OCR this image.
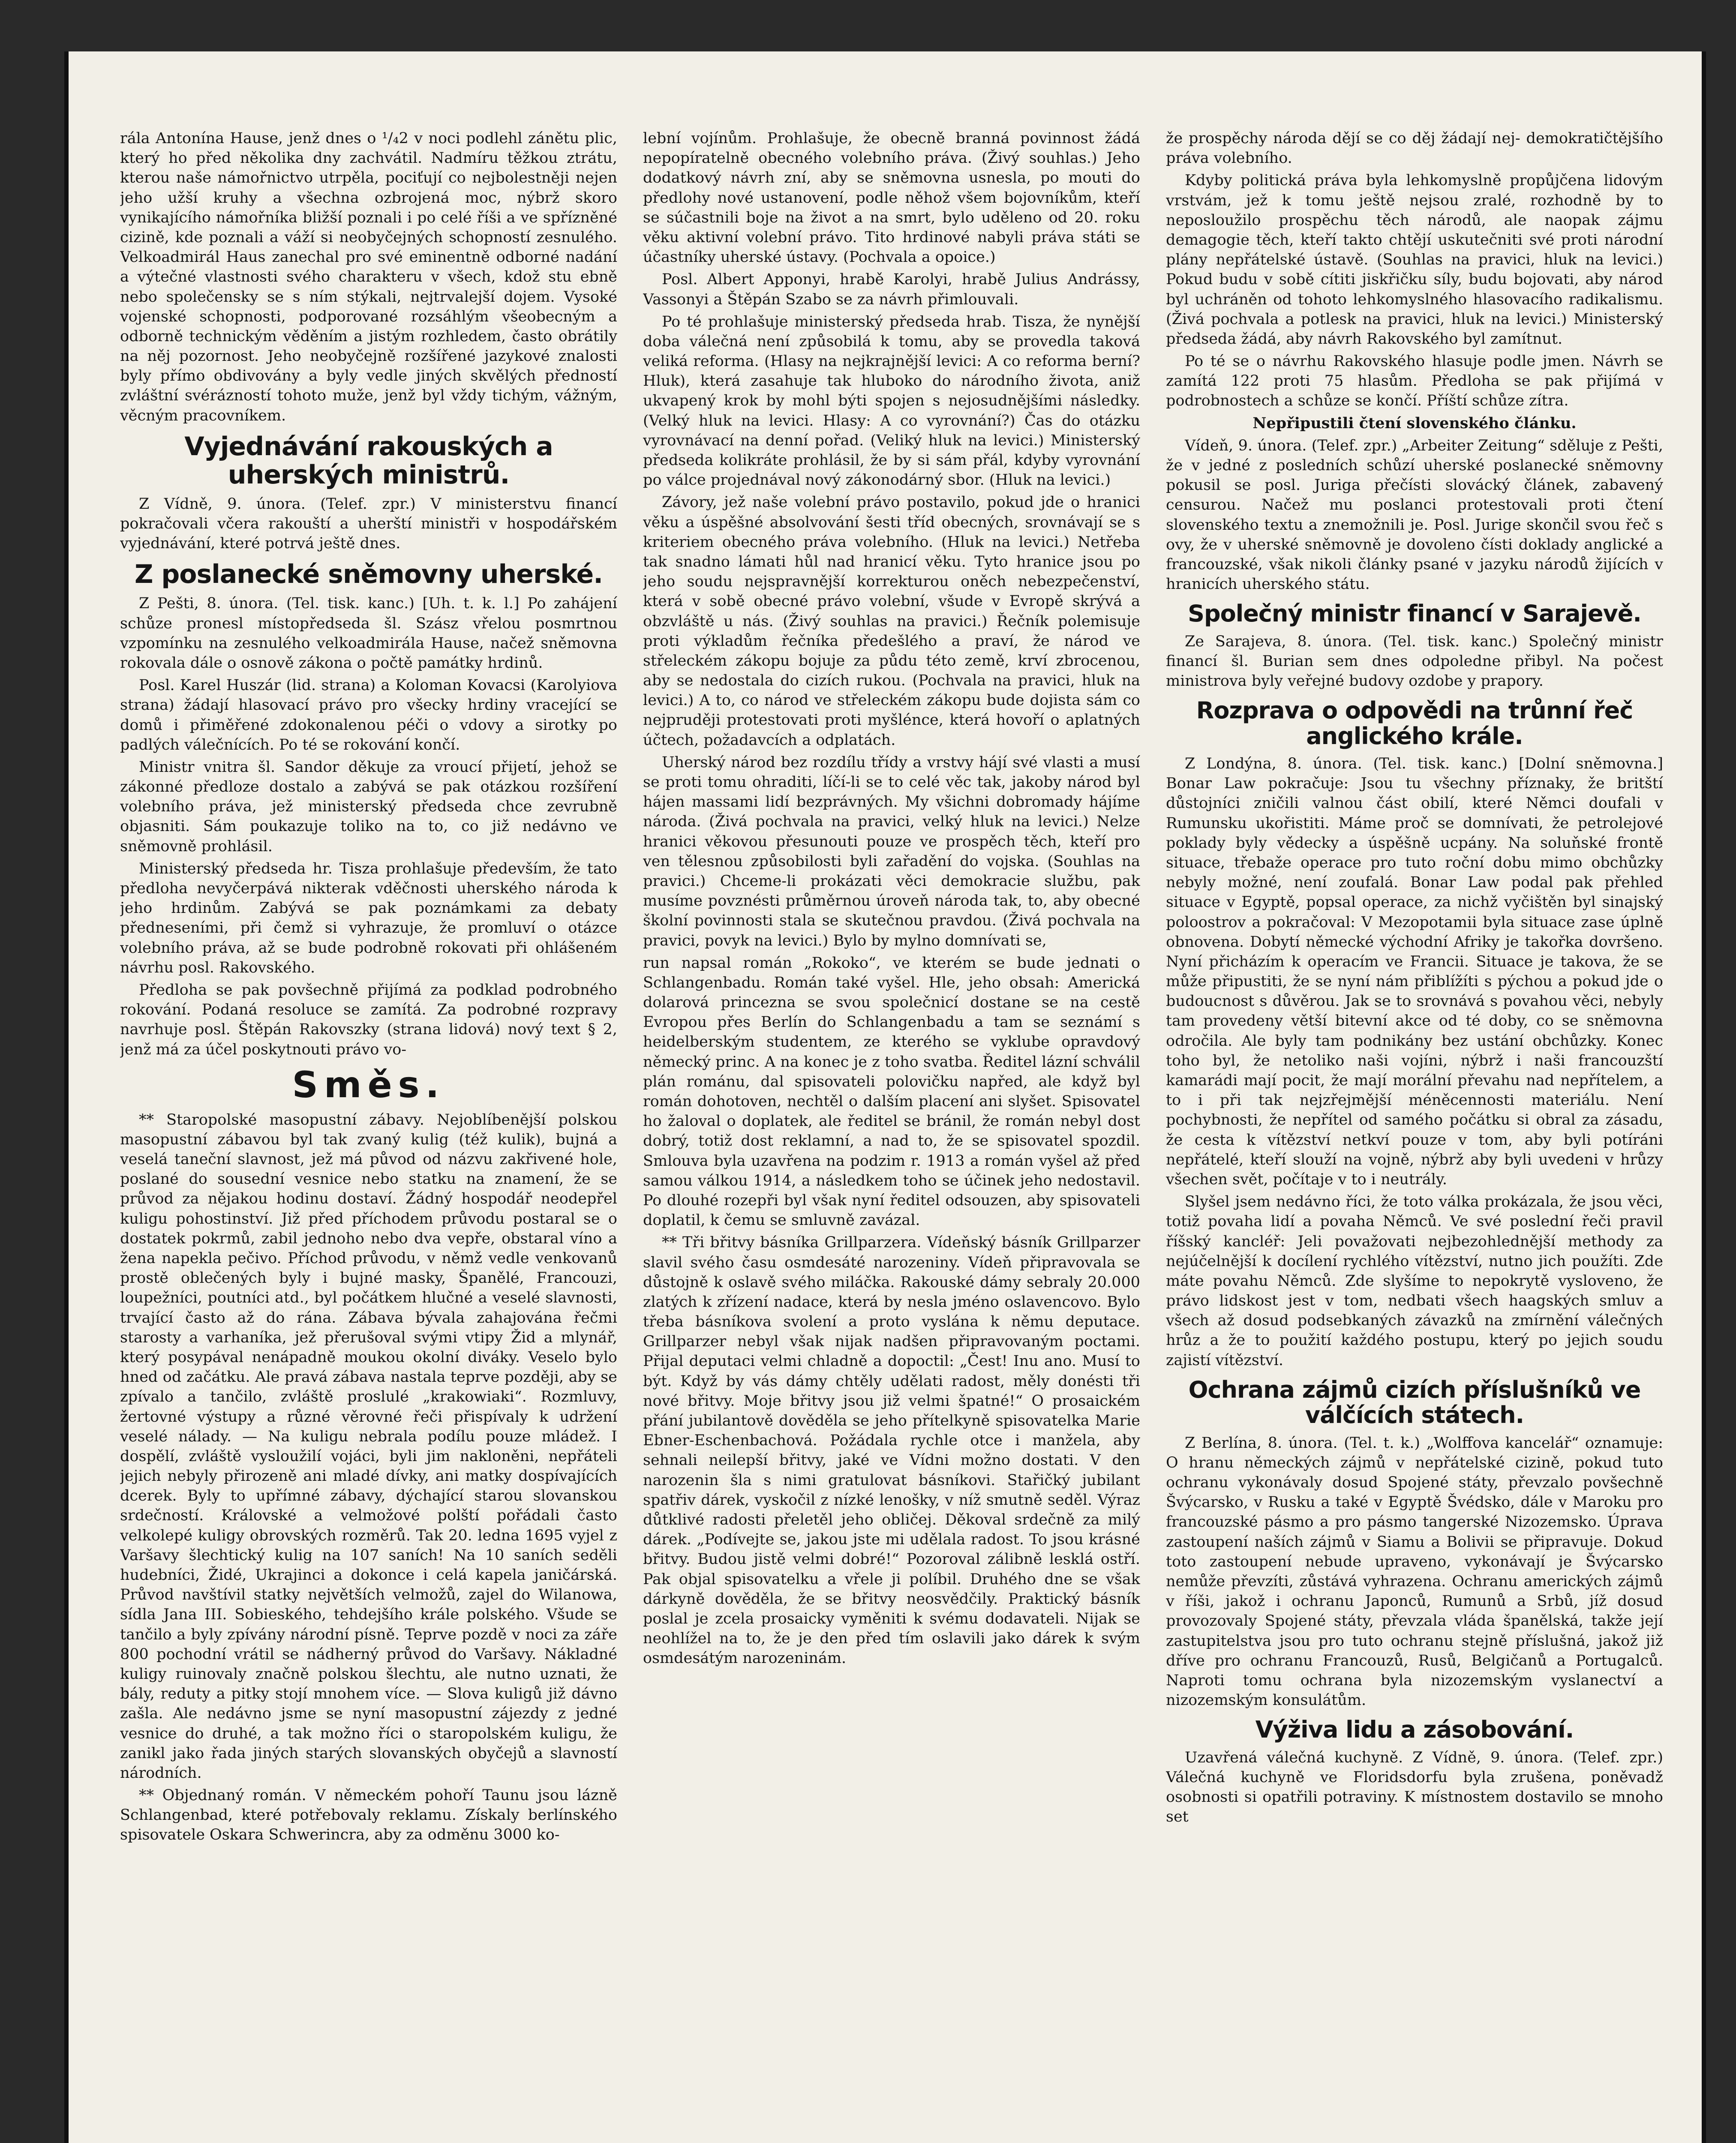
rála Antonína Hause, jenž dnes o ¹/₄2 v noci podlehl zánětu plic, který ho před několika dny zachvátil. Nadmíru těžkou ztrátu, kterou naše námořnictvo utrpěla, pociťují co nejbolestněji nejen jeho užší kruhy a všechna ozbrojená moc, nýbrž skoro vynikajícího námořníka bližší poznali i po celé říši a ve spřízněné cizině, kde poznali a váží si neobyčejných schopností zesnulého. Velkoadmirál Haus zanechal pro své eminentně odborné nadání a výtečné vlastnosti svého charakteru v všech, kdož stu ebně nebo společensky se s ním stýkali, nejtrvalejší dojem. Vysoké vojenské schopnosti, podporované rozsáhlým všeobecným a odborně technickým věděním a jistým rozhledem, často obrátily na něj pozornost. Jeho neobyčejně rozšířené jazykové znalosti byly přímo obdivovány a byly vedle jiných skvělých předností zvláštní svérázností tohoto muže, jenž byl vždy tichým, vážným, věcným pracovníkem.

Vyjednávání rakouských a uherských ministrů.

Z Vídně, 9. února. (Telef. zpr.) V ministerstvu financí pokračovali včera rakouští a uherští ministři v hospodářském vyjednávání, které potrvá ještě dnes.

Z poslanecké sněmovny uherské.

Z Pešti, 8. února. (Tel. tisk. kanc.) [Uh. t. k. l.] Po zahájení schůze pronesl místopředseda šl. Szász vřelou posmrtnou vzpomínku na zesnulého velkoadmirála Hause, načež sněmovna rokovala dále o osnově zákona o počtě památky hrdinů.

Posl. Karel Huszár (lid. strana) a Koloman Kovacsi (Karolyiova strana) žádají hlasovací právo pro všecky hrdiny vracející se domů i přiměřené zdokonalenou péči o vdovy a sirotky po padlých válečnících. Po té se rokování končí.

Ministr vnitra šl. Sandor děkuje za vroucí přijetí, jehož se zákonné předloze dostalo a zabývá se pak otázkou rozšíření volebního práva, jež ministerský předseda chce zevrubně objasniti. Sám poukazuje toliko na to, co již nedávno ve sněmovně prohlásil.

Ministerský předseda hr. Tisza prohlašuje především, že tato předloha nevyčerpává nikterak vděčnosti uherského národa k jeho hrdinům. Zabývá se pak poznámkami za debaty předneseními, při čemž si vyhrazuje, že promluví o otázce volebního práva, až se bude podrobně rokovati při ohlášeném návrhu posl. Rakovského.

Předloha se pak povšechně přijímá za podklad podrobného rokování. Podaná resoluce se zamítá. Za podrobné rozpravy navrhuje posl. Štěpán Rakovszky (strana lidová) nový text § 2, jenž má za účel poskytnouti právo vo-

Směs.

** Staropolské masopustní zábavy. Nejoblíbenější polskou masopustní zábavou byl tak zvaný kulig (též kulik), bujná a veselá taneční slavnost, jež má původ od názvu zakřivené hole, poslané do sousední vesnice nebo statku na znamení, že se průvod za nějakou hodinu dostaví. Žádný hospodář neodepřel kuligu pohostinství. Již před příchodem průvodu postaral se o dostatek pokrmů, zabil jednoho nebo dva vepře, obstaral víno a žena napekla pečivo. Příchod průvodu, v němž vedle venkovanů prostě oblečených byly i bujné masky, Španělé, Francouzi, loupežníci, poutníci atd., byl počátkem hlučné a veselé slavnosti, trvající často až do rána. Zábava bývala zahajována řečmi starosty a varhaníka, jež přerušoval svými vtipy Žid a mlynář, který posypával nenápadně moukou okolní diváky. Veselo bylo hned od začátku. Ale pravá zábava nastala teprve později, aby se zpívalo a tančilo, zvláště proslulé „krakowiaki“. Rozmluvy, žertovné výstupy a různé věrovné řeči přispívaly k udržení veselé nálady. — Na kuligu nebrala podílu pouze mládež. I dospělí, zvláště vysloužilí vojáci, byli jim nakloněni, nepřáteli jejich nebyly přirozeně ani mladé dívky, ani matky dospívajících dcerek. Byly to upřímné zábavy, dýchající starou slovanskou srdečností. Královské a velmožové polští pořádali často velkolepé kuligy obrovských rozměrů. Tak 20. ledna 1695 vyjel z Varšavy šlechtický kulig na 107 saních! Na 10 saních seděli hudebníci, Židé, Ukrajinci a dokonce i celá kapela janičárská. Průvod navštívil statky největších velmožů, zajel do Wilanowa, sídla Jana III. Sobieského, tehdejšího krále polského. Všude se tančilo a byly zpívány národní písně. Teprve pozdě v noci za záře 800 pochodní vrátil se nádherný průvod do Varšavy. Nákladné kuligy ruinovaly značně polskou šlechtu, ale nutno uznati, že bály, reduty a pitky stojí mnohem více. — Slova kuligů již dávno zašla. Ale nedávno jsme se nyní masopustní zájezdy z jedné vesnice do druhé, a tak možno říci o staropolském kuligu, že zanikl jako řada jiných starých slovanských obyčejů a slavností národních.

** Objednaný román. V německém pohoří Taunu jsou lázně Schlangenbad, které potřebovaly reklamu. Získaly berlínského spisovatele Oskara Schwerincra, aby za odměnu 3000 ko-

lební vojínům. Prohlašuje, že obecně branná povinnost žádá nepopíratelně obecného volebního práva. (Živý souhlas.) Jeho dodatkový návrh zní, aby se sněmovna usnesla, po mouti do předlohy nové ustanovení, podle něhož všem bojovníkům, kteří se súčastnili boje na život a na smrt, bylo uděleno od 20. roku věku aktivní volební právo. Tito hrdinové nabyli práva státi se účastníky uherské ústavy. (Pochvala a opoice.)

Posl. Albert Apponyi, hrabě Karolyi, hrabě Julius Andrássy, Vassonyi a Štěpán Szabo se za návrh přimlouvali.

Po té prohlašuje ministerský předseda hrab. Tisza, že nynější doba válečná není způsobilá k tomu, aby se provedla taková veliká reforma. (Hlasy na nejkrajnější levici: A co reforma berní? Hluk), která zasahuje tak hluboko do národního života, aniž ukvapený krok by mohl býti spojen s nejosudnějšími následky. (Velký hluk na levici. Hlasy: A co vyrovnání?) Čas do otázku vyrovnávací na denní pořad. (Veliký hluk na levici.) Ministerský předseda kolikráte prohlásil, že by si sám přál, kdyby vyrovnání po válce projednával nový zákonodárný sbor. (Hluk na levici.)

Závory, jež naše volební právo postavilo, pokud jde o hranici věku a úspěšné absolvování šesti tříd obecných, srovnávají se s kriteriem obecného práva volebního. (Hluk na levici.) Netřeba tak snadno lámati hůl nad hranicí věku. Tyto hranice jsou po jeho soudu nejspravnější korrekturou oněch nebezpečenství, která v sobě obecné právo volební, všude v Evropě skrývá a obzvláště u nás. (Živý souhlas na pravici.) Řečník polemisuje proti výkladům řečníka předešlého a praví, že národ ve střeleckém zákopu bojuje za půdu této země, krví zbrocenou, aby se nedostala do cizích rukou. (Pochvala na pravici, hluk na levici.) A to, co národ ve střeleckém zákopu bude dojista sám co nejpruději protestovati proti myšlénce, která hovoří o aplatných účtech, požadavcích a odplatách.

Uherský národ bez rozdílu třídy a vrstvy hájí své vlasti a musí se proti tomu ohraditi, líčí-li se to celé věc tak, jakoby národ byl hájen massami lidí bezprávných. My všichni dobromady hájíme národa. (Živá pochvala na pravici, velký hluk na levici.) Nelze hranici věkovou přesunouti pouze ve prospěch těch, kteří pro ven tělesnou způsobilosti byli zařadění do vojska. (Souhlas na pravici.) Chceme-li prokázati věci demokracie službu, pak musíme povznésti průměrnou úroveň národa tak, to, aby obecné školní povinnosti stala se skutečnou pravdou. (Živá pochvala na pravici, povyk na levici.) Bylo by mylno domnívati se,

run napsal román „Rokoko“, ve kterém se bude jednati o Schlangenbadu. Román také vyšel. Hle, jeho obsah: Americká dolarová princezna se svou společnicí dostane se na cestě Evropou přes Berlín do Schlangenbadu a tam se seznámí s heidelberským studentem, ze kterého se vyklube opravdový německý princ. A na konec je z toho svatba. Ředitel lázní schválil plán románu, dal spisovateli polovičku napřed, ale když byl román dohotoven, nechtěl o dalším placení ani slyšet. Spisovatel ho žaloval o doplatek, ale ředitel se bránil, že román nebyl dost dobrý, totiž dost reklamní, a nad to, že se spisovatel spozdil. Smlouva byla uzavřena na podzim r. 1913 a román vyšel až před samou válkou 1914, a následkem toho se účinek jeho nedostavil. Po dlouhé rozepři byl však nyní ředitel odsouzen, aby spisovateli doplatil, k čemu se smluvně zavázal.

** Tři břitvy básníka Grillparzera. Vídeňský básník Grillparzer slavil svého času osmdesáté narozeniny. Vídeň připravovala se důstojně k oslavě svého miláčka. Rakouské dámy sebraly 20.000 zlatých k zřízení nadace, která by nesla jméno oslavencovo. Bylo třeba básníkova svolení a proto vyslána k němu deputace. Grillparzer nebyl však nijak nadšen připravovaným poctami. Přijal deputaci velmi chladně a dopoctil: „Čest! Inu ano. Musí to být. Když by vás dámy chtěly udělati radost, měly donésti tři nové břitvy. Moje břitvy jsou již velmi špatné!“ O prosaickém přání jubilantově dověděla se jeho přítelkyně spisovatelka Marie Ebner-Eschenbachová. Požádala rychle otce i manžela, aby sehnali neilepší břitvy, jaké ve Vídni možno dostati. V den narozenin šla s nimi gratulovat básníkovi. Stařičký jubilant spatřiv dárek, vyskočil z nízké lenošky, v níž smutně seděl. Výraz důtklivé radosti přeletěl jeho obličej. Děkoval srdečně za milý dárek. „Podívejte se, jakou jste mi udělala radost. To jsou krásné břitvy. Budou jistě velmi dobré!“ Pozoroval zálibně lesklá ostří. Pak objal spisovatelku a vřele ji políbil. Druhého dne se však dárkyně dověděla, že se břitvy neosvědčily. Praktický básník poslal je zcela prosaicky vyměniti k svému dodavateli. Nijak se neohlížel na to, že je den před tím oslavili jako dárek k svým osmdesátým narozeninám.

že prospěchy národa dějí se co děj žádají nej- demokratičtějšího práva volebního.

Kdyby politická práva byla lehkomyslně propůjčena lidovým vrstvám, jež k tomu ještě nejsou zralé, rozhodně by to neposloužilo prospěchu těch národů, ale naopak zájmu demagogie těch, kteří takto chtějí uskutečniti své proti národní plány nepřátelské ústavě. (Souhlas na pravici, hluk na levici.) Pokud budu v sobě cítiti jiskřičku síly, budu bojovati, aby národ byl uchráněn od tohoto lehkomyslného hlasovacího radikalismu. (Živá pochvala a potlesk na pravici, hluk na levici.) Ministerský předseda žádá, aby návrh Rakovského byl zamítnut.

Po té se o návrhu Rakovského hlasuje podle jmen. Návrh se zamítá 122 proti 75 hlasům. Předloha se pak přijímá v podrobnostech a schůze se končí. Příští schůze zítra.

Nepřipustili čtení slovenského článku.

Vídeň, 9. února. (Telef. zpr.) „Arbeiter Zeitung“ sděluje z Pešti, že v jedné z posledních schůzí uherské poslanecké sněmovny pokusil se posl. Juriga přečísti slovácký článek, zabavený censurou. Načež mu poslanci protestovali proti čtení slovenského textu a znemožnili je. Posl. Jurige skončil svou řeč s ovy, že v uherské sněmovně je dovoleno čísti doklady anglické a francouzské, však nikoli články psané v jazyku národů žijících v hranicích uherského státu.

Společný ministr financí v Sarajevě.

Ze Sarajeva, 8. února. (Tel. tisk. kanc.) Společný ministr financí šl. Burian sem dnes odpoledne přibyl. Na počest ministrova byly veřejné budovy ozdobe y prapory.

Rozprava o odpovědi na trůnní řeč anglického krále.

Z Londýna, 8. února. (Tel. tisk. kanc.) [Dolní sněmovna.] Bonar Law pokračuje: Jsou tu všechny příznaky, že britští důstojníci zničili valnou část obilí, které Němci doufali v Rumunsku ukořistiti. Máme proč se domnívati, že petrolejové poklady byly vědecky a úspěšně ucpány. Na soluňské frontě situace, třebaže operace pro tuto roční dobu mimo obchůzky nebyly možné, není zoufalá. Bonar Law podal pak přehled situace v Egyptě, popsal operace, za nichž vyčištěn byl sinajský poloostrov a pokračoval: V Mezopotamii byla situace zase úplně obnovena. Dobytí německé východní Afriky je takořka dovršeno. Nyní přicházím k operacím ve Francii. Situace je takova, že se může připustiti, že se nyní nám přiblížíti s pýchou a pokud jde o budoucnost s důvěrou. Jak se to srovnává s povahou věci, nebyly tam provedeny větší bitevní akce od té doby, co se sněmovna odročila. Ale byly tam podnikány bez ustání obchůzky. Konec toho byl, že netoliko naši vojíni, nýbrž i naši francouzští kamarádi mají pocit, že mají morální převahu nad nepřítelem, a to i při tak nejzřejmější méněcennosti materiálu. Není pochybnosti, že nepřítel od samého počátku si obral za zásadu, že cesta k vítězství netkví pouze v tom, aby byli potíráni nepřátelé, kteří slouží na vojně, nýbrž aby byli uvedeni v hrůzy všechen svět, počítaje v to i neutrály.

Slyšel jsem nedávno říci, že toto válka prokázala, že jsou věci, totiž povaha lidí a povaha Němců. Ve své poslední řeči pravil říšský kancléř: Jeli považovati nejbezohlednější methody za nejúčelnější k docílení rychlého vítězství, nutno jich použíti. Zde máte povahu Němců. Zde slyšíme to nepokrytě vysloveno, že právo lidskost jest v tom, nedbati všech haagských smluv a všech až dosud podsebkaných závazků na zmírnění válečných hrůz a že to použití každého postupu, který po jejich soudu zajistí vítězství.

Ochrana zájmů cizích příslušníků ve válčících státech.

Z Berlína, 8. února. (Tel. t. k.) „Wolffova kancelář“ oznamuje: O hranu německých zájmů v nepřátelské cizině, pokud tuto ochranu vykonávaly dosud Spojené státy, převzalo povšechně Švýcarsko, v Rusku a také v Egyptě Švédsko, dále v Maroku pro francouzské pásmo a pro pásmo tangerské Nizozemsko. Úprava zastoupení naších zájmů v Siamu a Bolivii se připravuje. Dokud toto zastoupení nebude upraveno, vykonávají je Švýcarsko nemůže převzíti, zůstává vyhrazena. Ochranu amerických zájmů v říši, jakož i ochranu Japonců, Rumunů a Srbů, jíž dosud provozovaly Spojené státy, převzala vláda španělská, takže její zastupitelstva jsou pro tuto ochranu stejně příslušná, jakož již dříve pro ochranu Francouzů, Rusů, Belgičanů a Portugalců. Naproti tomu ochrana byla nizozemským vyslanectví a nizozemským konsulátům.

Výživa lidu a zásobování.

Uzavřená válečná kuchyně. Z Vídně, 9. února. (Telef. zpr.) Válečná kuchyně ve Floridsdorfu byla zrušena, poněvadž osobnosti si opatřili potraviny. K místnostem dostavilo se mnoho set
